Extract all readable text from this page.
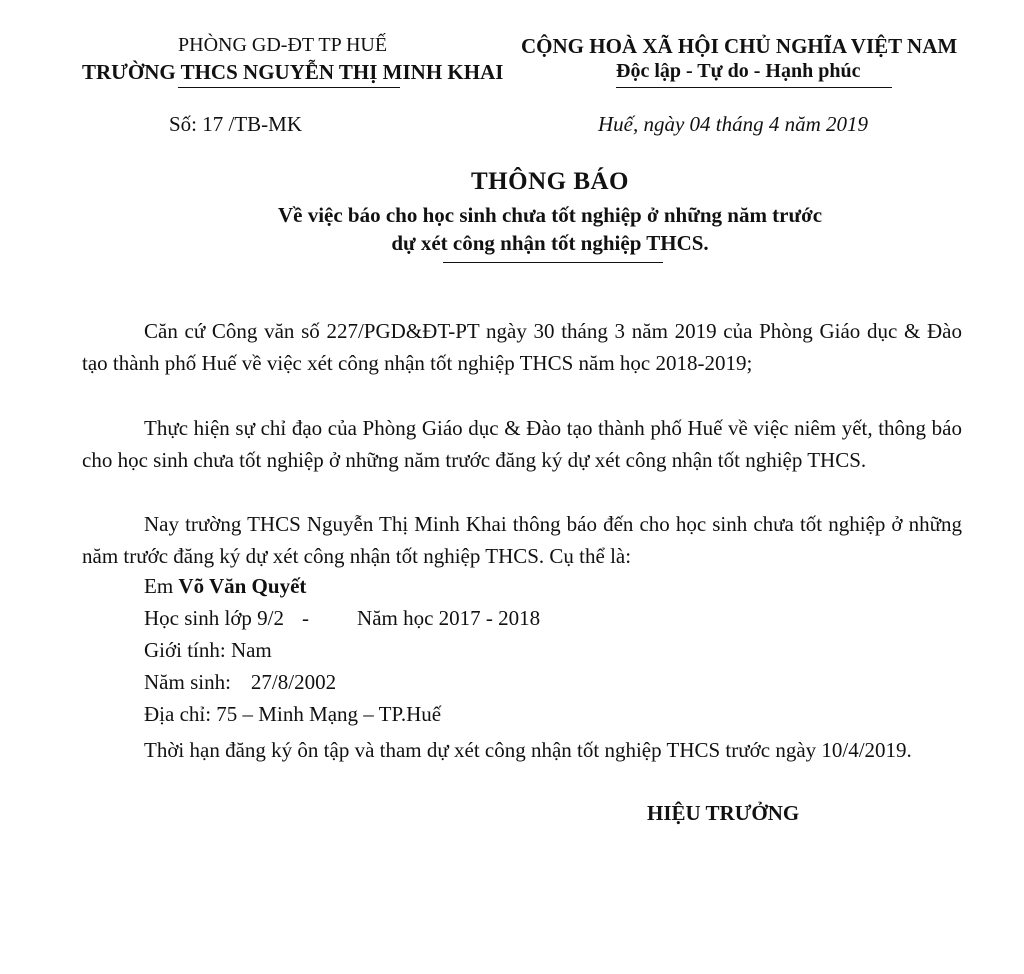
PHÒNG GD-ĐT TP HUẾ
TRƯỜNG THCS NGUYỄN THỊ MINH KHAI
CỘNG HOÀ XÃ HỘI CHỦ NGHĨA VIỆT NAM
Độc lập - Tự do - Hạnh phúc
Số: 17 /TB-MK	Huế, ngày 04 tháng 4 năm 2019
THÔNG BÁO
Về việc báo cho học sinh chưa tốt nghiệp ở những năm trước
dự xét công nhận tốt nghiệp THCS.
Căn cứ Công văn số 227/PGD&ĐT-PT ngày 30 tháng 3 năm 2019 của Phòng Giáo dục & Đào tạo thành phố Huế về việc xét công nhận tốt nghiệp THCS năm học 2018-2019;
Thực hiện sự chỉ đạo của Phòng Giáo dục & Đào tạo thành phố Huế về việc niêm yết, thông báo cho học sinh chưa tốt nghiệp ở những năm trước đăng ký dự xét công nhận tốt nghiệp THCS.
Nay trường THCS Nguyễn Thị Minh Khai thông báo đến cho học sinh chưa tốt nghiệp ở những năm trước đăng ký dự xét công nhận tốt nghiệp THCS. Cụ thể là:
Em Võ Văn Quyết
Học sinh lớp 9/2 - Năm học 2017 - 2018
Giới tính: Nam
Năm sinh: 27/8/2002
Địa chỉ: 75 – Minh Mạng – TP.Huế
Thời hạn đăng ký ôn tập và tham dự xét công nhận tốt nghiệp THCS trước ngày 10/4/2019.
HIỆU TRƯỞNG
